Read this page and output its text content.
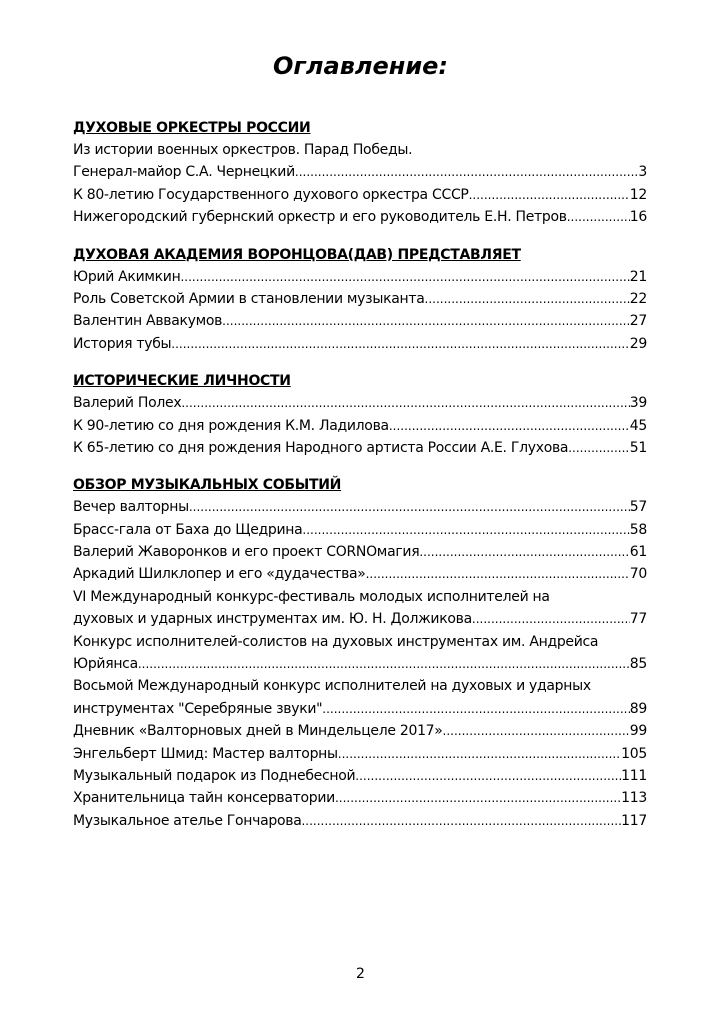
Оглавление:
ДУХОВЫЕ ОРКЕСТРЫ РОССИИ
Из истории военных оркестров. Парад Победы.
Генерал-майор С.А. Чернецкий .....	3
К 80-летию Государственного духового оркестра СССР .....	12
Нижегородский губернский оркестр и его руководитель Е.Н. Петров .....	16
ДУХОВАЯ АКАДЕМИЯ ВОРОНЦОВА(ДАВ) ПРЕДСТАВЛЯЕТ
Юрий Акимкин .....	21
Роль Советской Армии в становлении музыканта .....	22
Валентин Аввакумов .....	27
История тубы .....	29
ИСТОРИЧЕСКИЕ ЛИЧНОСТИ
Валерий Полех .....	39
К 90-летию со дня рождения К.М. Ладилова .....	45
К 65-летию со дня рождения Народного артиста России А.Е. Глухова .....	51
ОБЗОР МУЗЫКАЛЬНЫХ СОБЫТИЙ
Вечер валторны .....	57
Брасс-гала от Баха до Щедрина .....	58
Валерий Жаворонков и его проект CORNOмагия .....	61
Аркадий Шилклопер и его «дудачества» .....	70
VI Международный конкурс-фестиваль молодых исполнителей на
духовых и ударных инструментах им. Ю. Н. Должикова .....	77
Конкурс исполнителей-солистов на духовых инструментах им. Андрейса
Юрйянса .....	85
Восьмой Международный конкурс исполнителей на духовых и ударных
инструментах "Серебряные звуки" .....	89
Дневник «Валторновых дней в Миндельцеле 2017» .....	99
Энгельберт Шмид: Мастер валторны .....	105
Музыкальный подарок из Поднебесной .....	111
Хранительница тайн консерватории .....	113
Музыкальное ателье Гончарова .....	117
2
